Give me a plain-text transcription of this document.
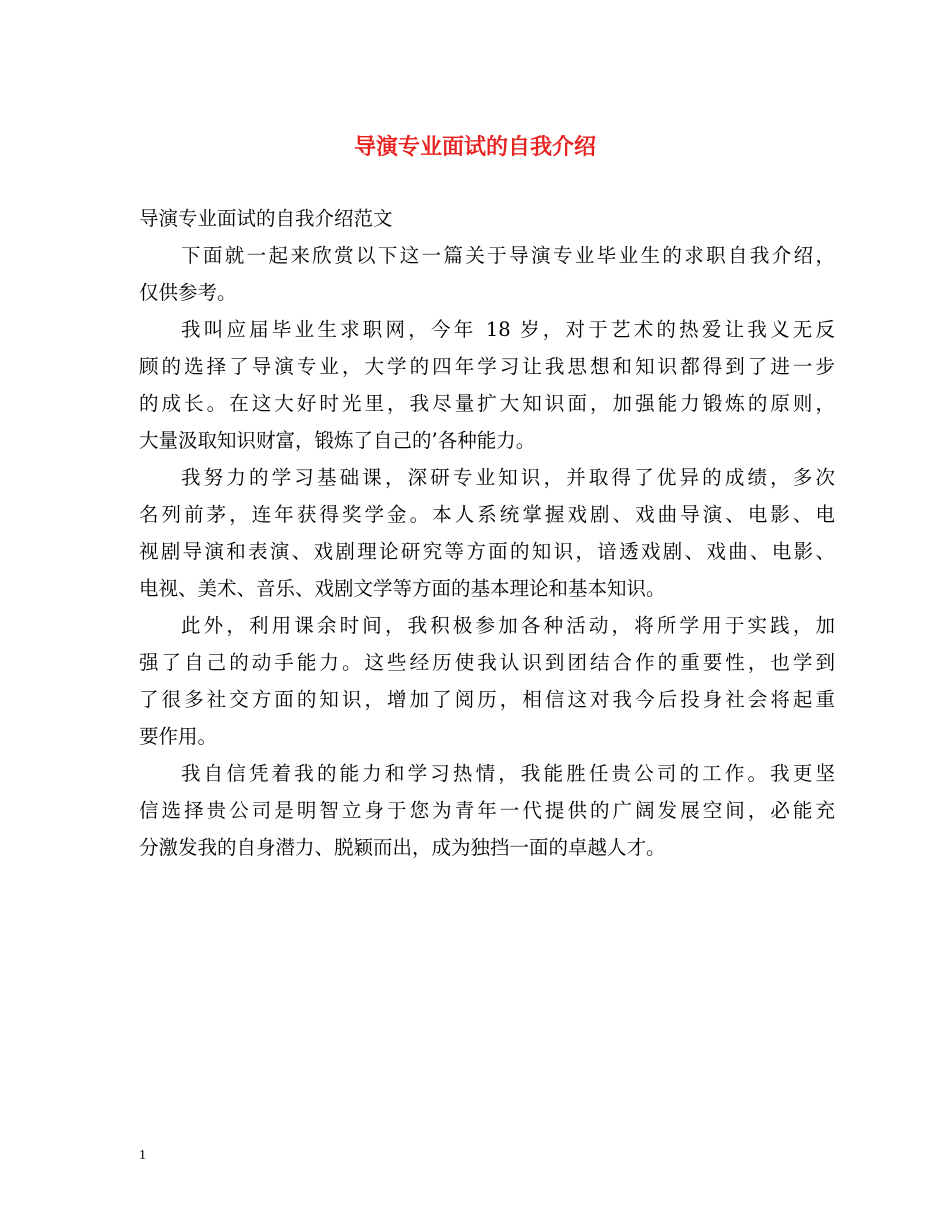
导演专业面试的自我介绍
导演专业面试的自我介绍范文
下面就一起来欣赏以下这一篇关于导演专业毕业生的求职自我介绍，
仅供参考。
我叫应届毕业生求职网，今年 18 岁，对于艺术的热爱让我义无反
顾的选择了导演专业，大学的四年学习让我思想和知识都得到了进一步
的成长。在这大好时光里，我尽量扩大知识面，加强能力锻炼的原则，
大量汲取知识财富，锻炼了自己的’各种能力。
我努力的学习基础课，深研专业知识，并取得了优异的成绩，多次
名列前茅，连年获得奖学金。本人系统掌握戏剧、戏曲导演、电影、电
视剧导演和表演、戏剧理论研究等方面的知识，谙透戏剧、戏曲、电影、
电视、美术、音乐、戏剧文学等方面的基本理论和基本知识。
此外，利用课余时间，我积极参加各种活动，将所学用于实践，加
强了自己的动手能力。这些经历使我认识到团结合作的重要性，也学到
了很多社交方面的知识，增加了阅历，相信这对我今后投身社会将起重
要作用。
我自信凭着我的能力和学习热情，我能胜任贵公司的工作。我更坚
信选择贵公司是明智立身于您为青年一代提供的广阔发展空间，必能充
分激发我的自身潜力、脱颖而出，成为独挡一面的卓越人才。
1
